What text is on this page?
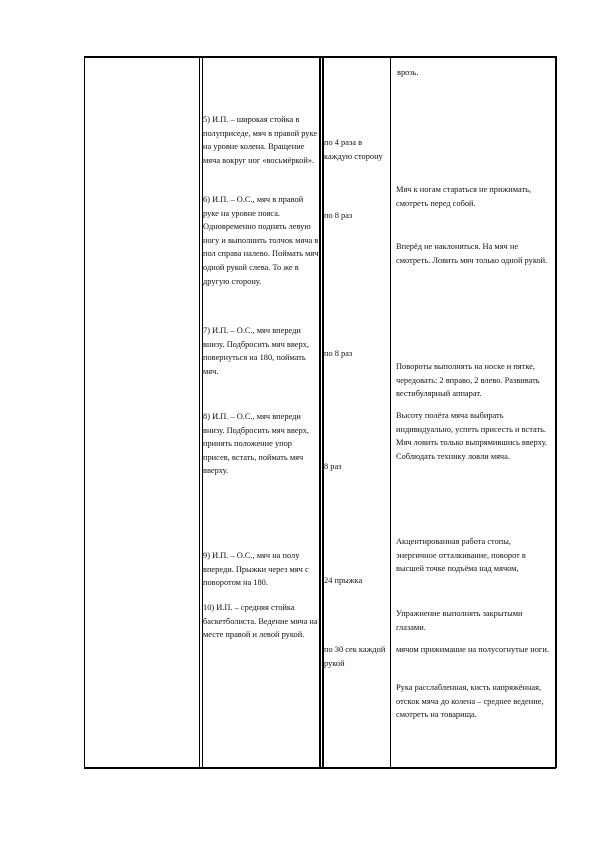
врозь.
5) И.П. – широкая стойка в полуприседе, мяч в правой руке на уровне колена. Вращение мяча вокруг ног «восьмёркой».
по 4 раза в каждую сторону
Мяч к ногам стараться не прижимать, смотреть перед собой.
6) И.П. – О.С., мяч в правой руке на уровне пояса. Одновременно поднять левую ногу и выполнить толчок мяча в пол справа налево. Поймать мяч одной рукой слева. То же в другую сторону.
по 8 раз
Вперёд не наклоняться. На мяч не смотреть. Ловить мяч только одной рукой.
7) И.П. – О.С., мяч впереди внизу. Подбросить мяч вверх, повернуться на 180, поймать мяч.
по 8 раз
Повороты выполнять на носке и пятке, чередовать: 2 вправо, 2 влево. Развивать вестибулярный аппарат.
8) И.П. – О.С., мяч впереди внизу. Подбросить мяч вверх, принять положение упор присев, встать, поймать мяч вверху.	8 раз
Высоту полёта мяча выбирать индивидуально, успеть присесть и встать. Мяч ловить только выпрямившись вверху. Соблюдать технику ловли мяча.
9) И.П. – О.С., мяч на полу впереди. Прыжки через мяч с поворотом на 180.	24 прыжка
Акцентированная работа стопы, энергичное отталкивание, поворот в высшей точке подъёма над мячом,
10) И.П. – средняя стойка баскетболиста. Ведение мяча на месте правой и левой рукой.
по 30 сек каждой рукой
Упражнение выполнять закрытыми глазами.
мячом прижимание на полусогнутые ноги.
Рука расслабленная, кисть напряжённая, отскок мяча до колена – среднее ведение, смотреть на товарища.
